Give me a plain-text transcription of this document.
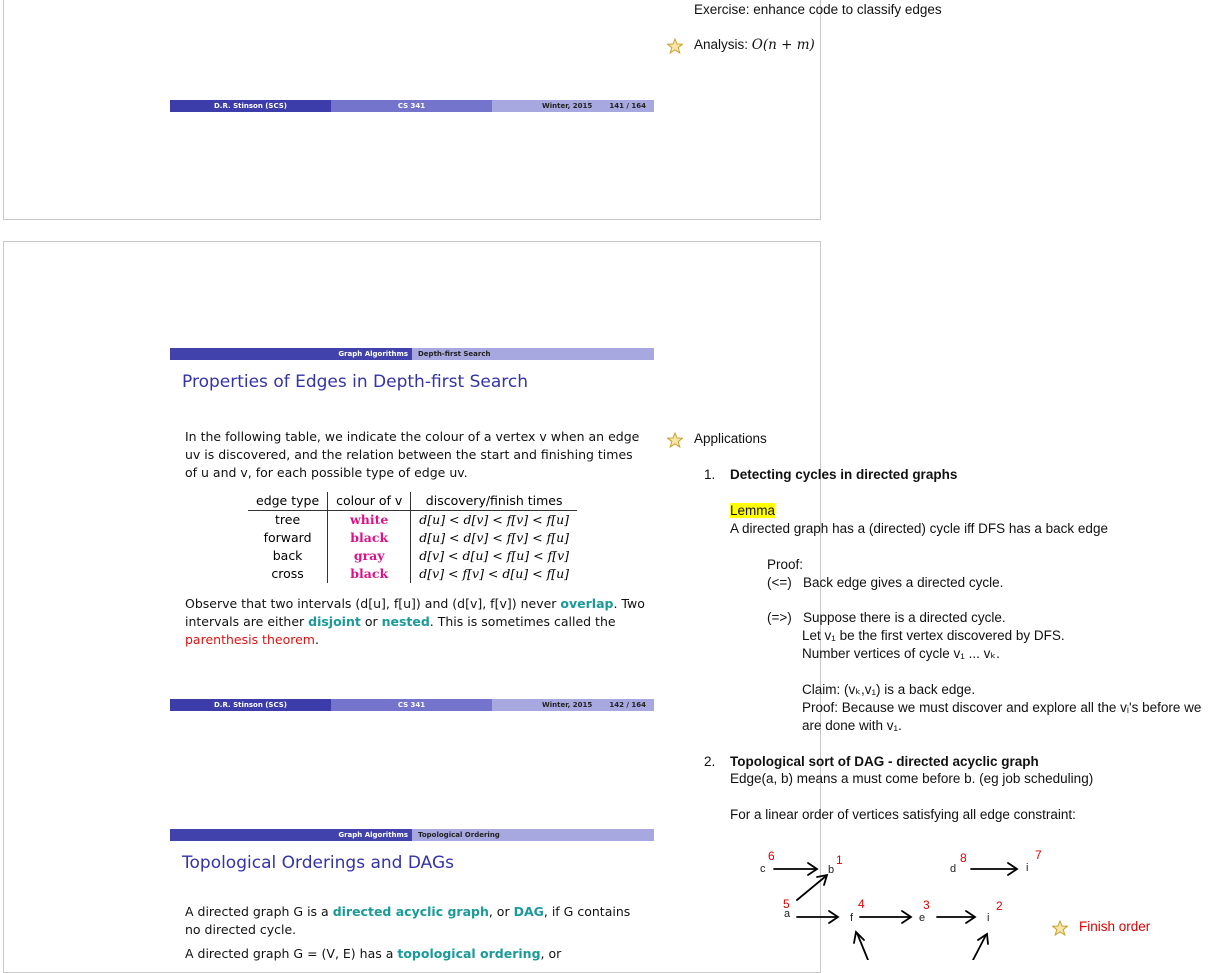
D.R. Stinson (SCS)	CS 341	Winter, 2015 141 / 164
Graph Algorithms	Depth-first Search
Properties of Edges in Depth-first Search
In the following table, we indicate the colour of a vertex v when an edge uv is discovered, and the relation between the start and finishing times of u and v, for each possible type of edge uv.
edge type	colour of v	discovery/finish times
tree	white	d[u] < d[v] < f[v] < f[u]
forward	black	d[u] < d[v] < f[v] < f[u]
back	gray	d[v] < d[u] < f[u] < f[v]
cross	black	d[v] < f[v] < d[u] < f[u]
Observe that two intervals (d[u], f[u]) and (d[v], f[v]) never overlap. Two intervals are either disjoint or nested. This is sometimes called the parenthesis theorem.
D.R. Stinson (SCS)	CS 341	Winter, 2015 142 / 164
Graph Algorithms	Topological Ordering
Topological Orderings and DAGs
A directed graph G is a directed acyclic graph, or DAG, if G contains no directed cycle.
A directed graph G = (V, E) has a topological ordering, or
Exercise: enhance code to classify edges
Analysis: O(n + m)
Applications
1. Detecting cycles in directed graphs
Lemma
A directed graph has a (directed) cycle iff DFS has a back edge
Proof:
(<=) Back edge gives a directed cycle.
(=>) Suppose there is a directed cycle.
Let v₁ be the first vertex discovered by DFS.
Number vertices of cycle v₁ ... vₖ.
Claim: (vₖ,v₁) is a back edge.
Proof: Because we must discover and explore all the vᵢ's before we
are done with v₁.
2. Topological sort of DAG - directed acyclic graph
Edge(a, b) means a must come before b. (eg job scheduling)
For a linear order of vertices satisfying all edge constraint:
c	b	d	i
a	f	e	i
6	1	8	7
5	4	3	2
Finish order
